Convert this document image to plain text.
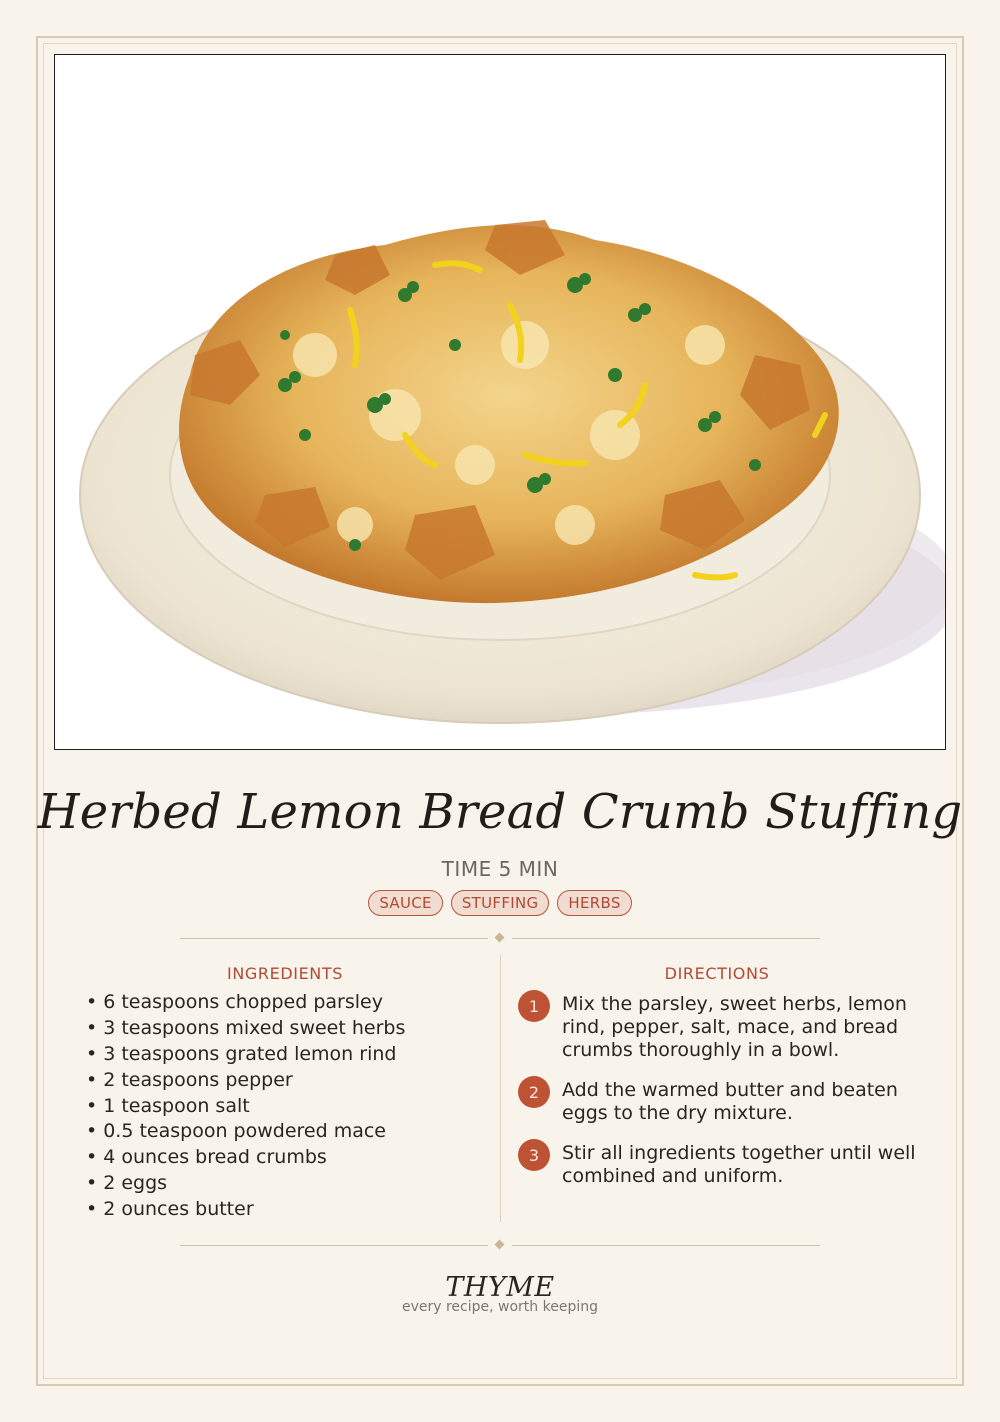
Herbed Lemon Bread Crumb Stuffing
TIME 5 MIN
SAUCE	STUFFING	HERBS
INGREDIENTS	DIRECTIONS
• 6 teaspoons chopped parsley
• 3 teaspoons mixed sweet herbs
• 3 teaspoons grated lemon rind
• 2 teaspoons pepper
• 1 teaspoon salt
• 0.5 teaspoon powdered mace
• 4 ounces bread crumbs
• 2 eggs
• 2 ounces butter
1	Mix the parsley, sweet herbs, lemon rind, pepper, salt, mace, and bread crumbs thoroughly in a bowl.
2	Add the warmed butter and beaten eggs to the dry mixture.
3	Stir all ingredients together until well combined and uniform.
THYME
every recipe, worth keeping
